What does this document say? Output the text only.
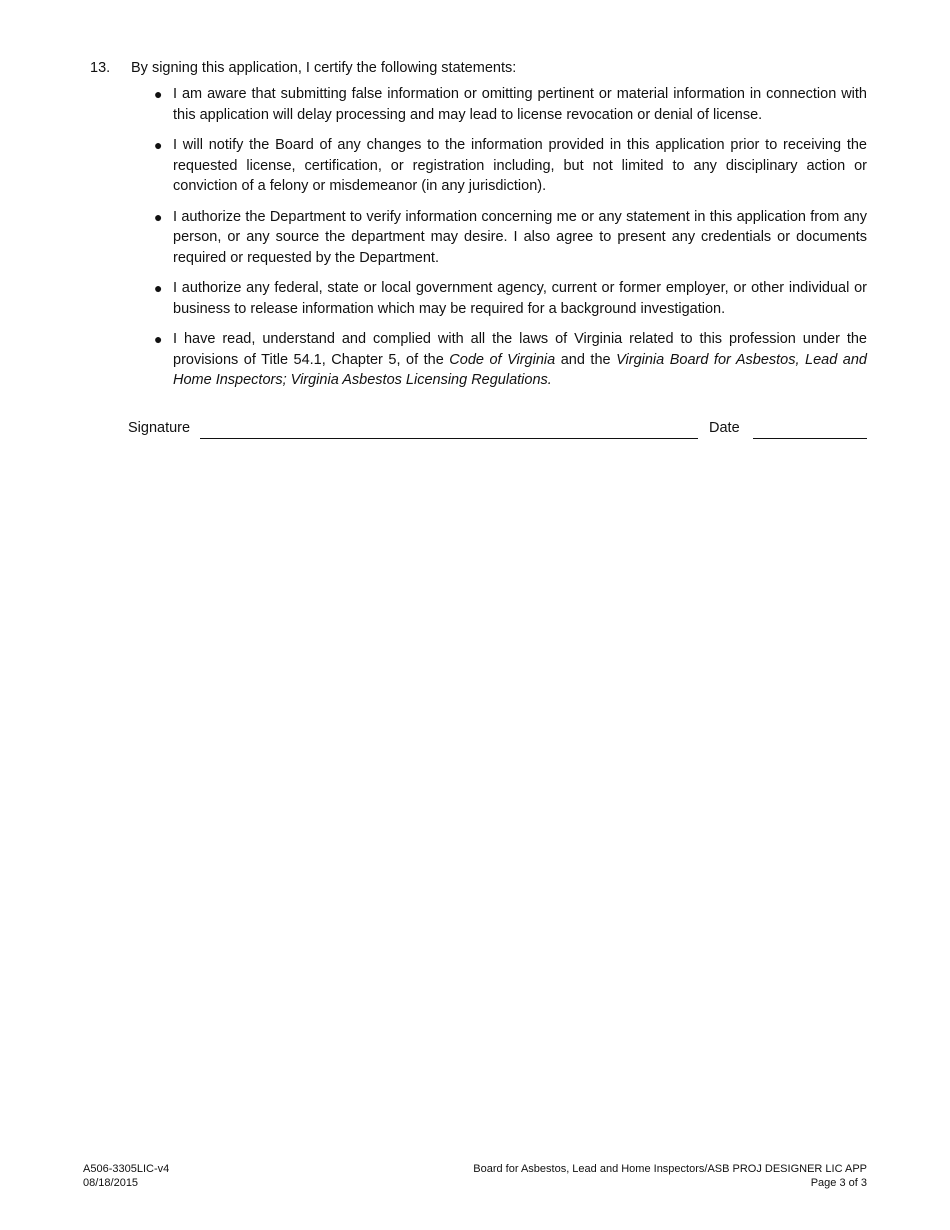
13. By signing this application, I certify the following statements:
● I am aware that submitting false information or omitting pertinent or material information in connection with this application will delay processing and may lead to license revocation or denial of license.
● I will notify the Board of any changes to the information provided in this application prior to receiving the requested license, certification, or registration including, but not limited to any disciplinary action or conviction of a felony or misdemeanor (in any jurisdiction).
● I authorize the Department to verify information concerning me or any statement in this application from any person, or any source the department may desire. I also agree to present any credentials or documents required or requested by the Department.
● I authorize any federal, state or local government agency, current or former employer, or other individual or business to release information which may be required for a background investigation.
● I have read, understand and complied with all the laws of Virginia related to this profession under the provisions of Title 54.1, Chapter 5, of the Code of Virginia and the Virginia Board for Asbestos, Lead and Home Inspectors; Virginia Asbestos Licensing Regulations.
Signature	Date
A506-3305LIC-v4
08/18/2015
Board for Asbestos, Lead and Home Inspectors/ASB PROJ DESIGNER LIC APP
Page 3 of 3
